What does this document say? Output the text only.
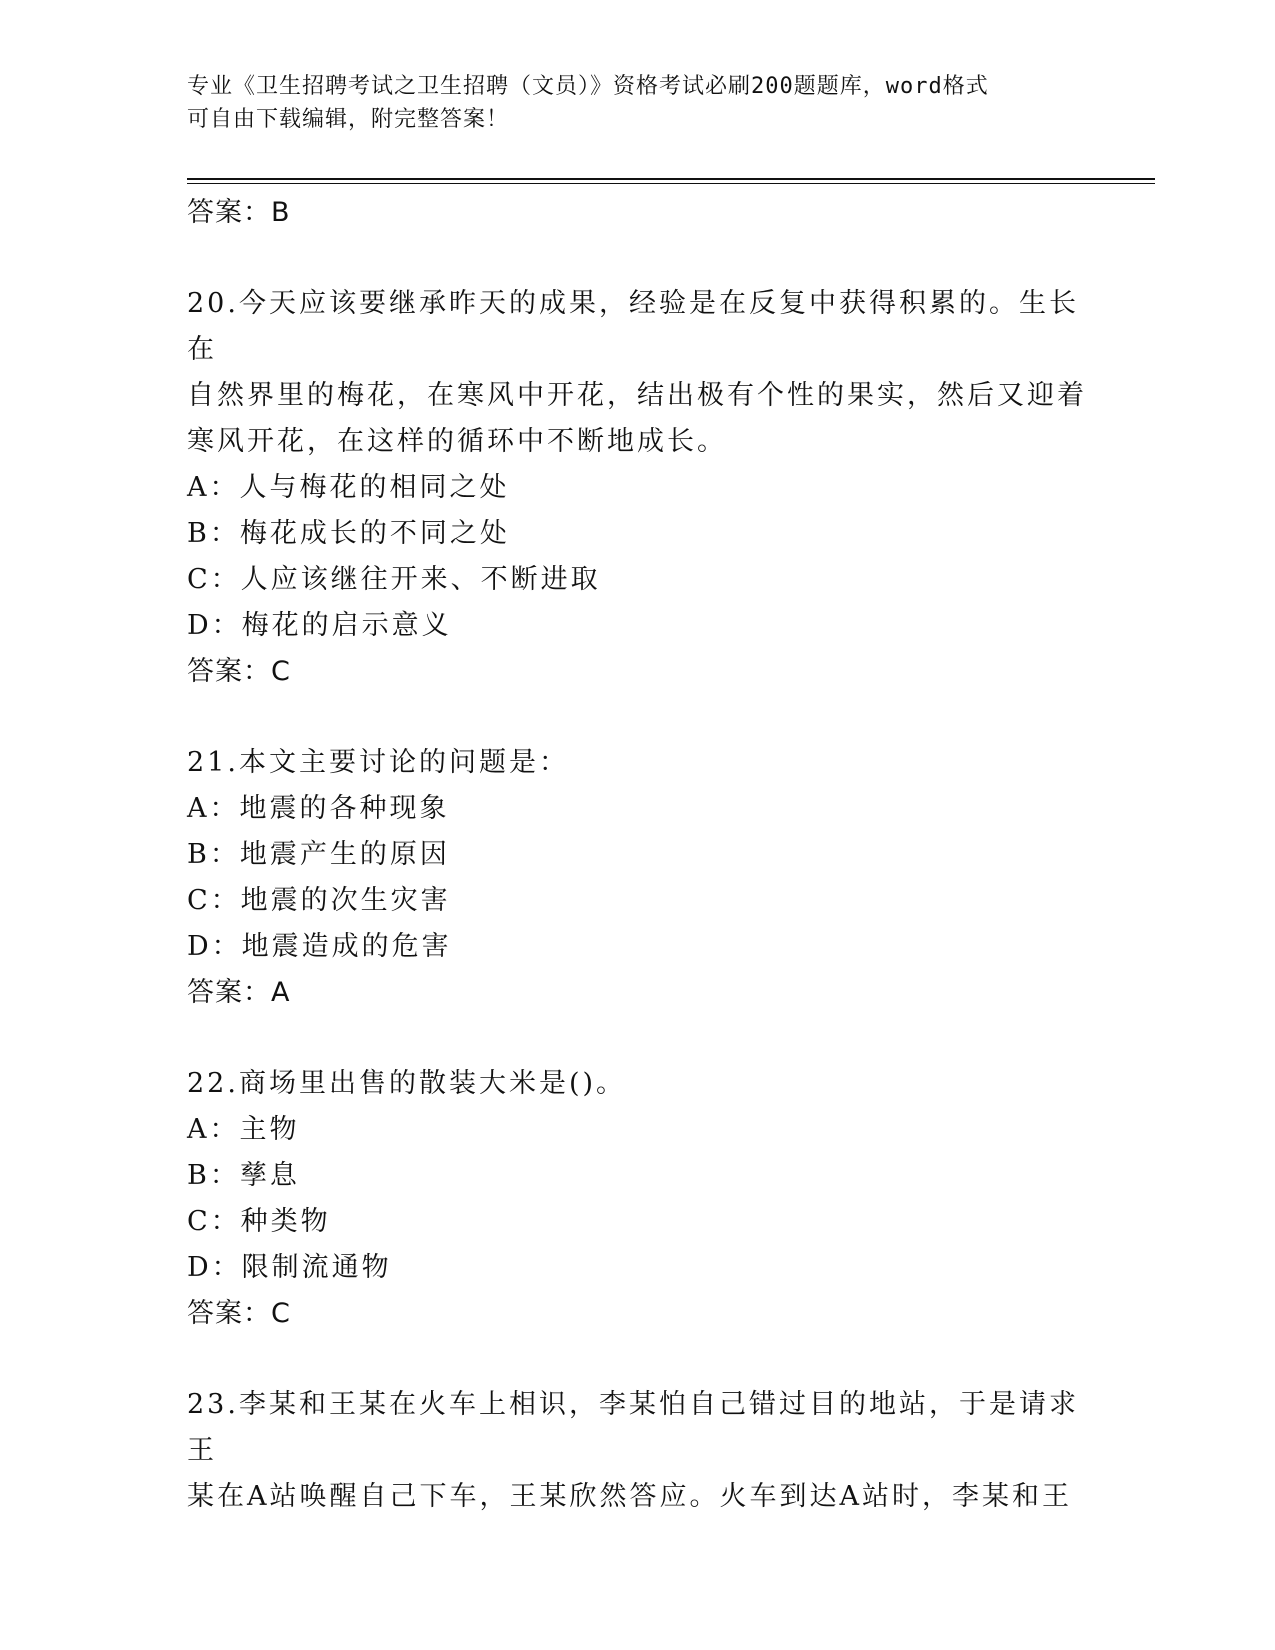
专业《卫生招聘考试之卫生招聘（文员）》资格考试必刷200题题库，word格式
可自由下载编辑，附完整答案！
答案：B
20.今天应该要继承昨天的成果，经验是在反复中获得积累的。生长在
自然界里的梅花，在寒风中开花，结出极有个性的果实，然后又迎着
寒风开花，在这样的循环中不断地成长。
A：人与梅花的相同之处
B：梅花成长的不同之处
C：人应该继往开来、不断进取
D：梅花的启示意义
答案：C
21.本文主要讨论的问题是：
A：地震的各种现象
B：地震产生的原因
C：地震的次生灾害
D：地震造成的危害
答案：A
22.商场里出售的散装大米是()。
A：主物
B：孳息
C：种类物
D：限制流通物
答案：C
23.李某和王某在火车上相识，李某怕自己错过目的地站，于是请求王
某在A站唤醒自己下车，王某欣然答应。火车到达A站时，李某和王
